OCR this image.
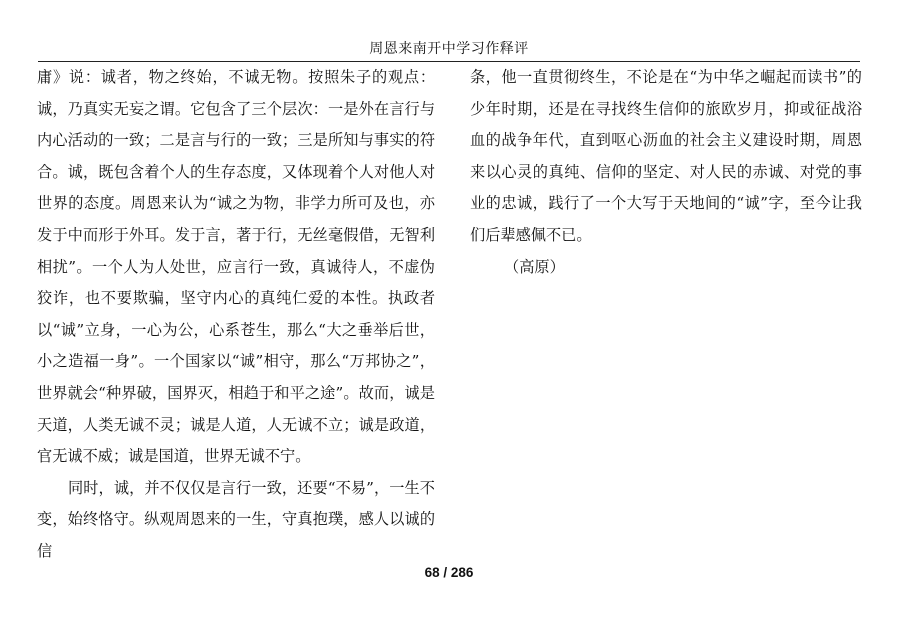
周恩来南开中学习作释评

庸》说：诚者，物之终始，不诚无物。按照朱子的观点：诚，乃真实无妄之谓。它包含了三个层次：一是外在言行与内心活动的一致；二是言与行的一致；三是所知与事实的符合。诚，既包含着个人的生存态度，又体现着个人对他人对世界的态度。周恩来认为“诚之为物，非学力所可及也，亦发于中而形于外耳。发于言，著于行，无丝毫假借，无智利相扰”。一个人为人处世，应言行一致，真诚待人，不虚伪狡诈，也不要欺骗，坚守内心的真纯仁爱的本性。执政者以“诚”立身，一心为公，心系苍生，那么“大之垂举后世，小之造福一身”。一个国家以“诚”相守，那么“万邦协之”，世界就会“种界破，国界灭，相趋于和平之途”。故而，诚是天道，人类无诚不灵；诚是人道，人无诚不立；诚是政道，官无诚不威；诚是国道，世界无诚不宁。

同时，诚，并不仅仅是言行一致，还要“不易”，一生不变，始终恪守。纵观周恩来的一生，守真抱璞，感人以诚的信

条，他一直贯彻终生，不论是在“为中华之崛起而读书”的少年时期，还是在寻找终生信仰的旅欧岁月，抑或征战浴血的战争年代，直到呕心沥血的社会主义建设时期，周恩来以心灵的真纯、信仰的坚定、对人民的赤诚、对党的事业的忠诚，践行了一个大写于天地间的“诚”字，至今让我们后辈感佩不已。

（高原）

68 / 286
